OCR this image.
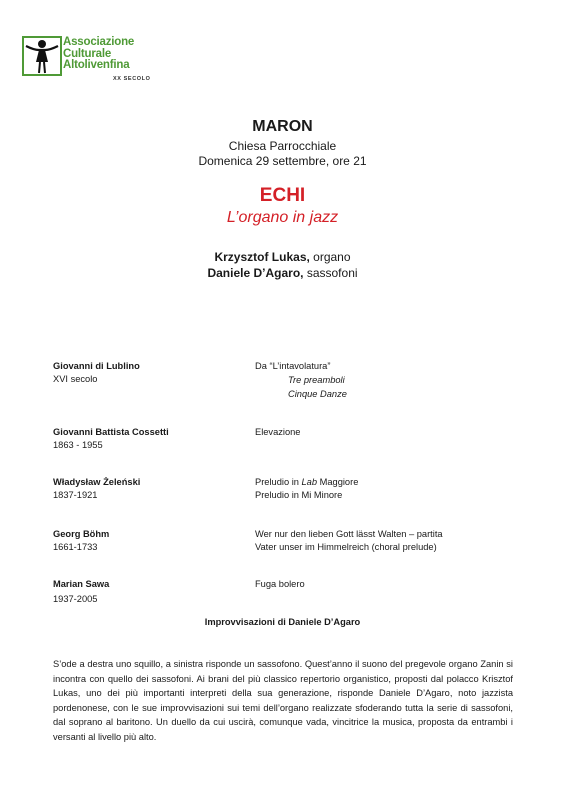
Associazione
Culturale
Altolivenfina
XX SECOLO
MARON
Chiesa Parrocchiale
Domenica 29 settembre, ore 21
ECHI
L’organo in jazz
Krzysztof Lukas, organo
Daniele D’Agaro, sassofoni
Giovanni di Lublino
XVI secolo
Da “L’intavolatura”
Tre preamboli
Cinque Danze
Giovanni Battista Cossetti
1863 - 1955
Elevazione
Władysław Żeleński
1837-1921
Preludio in Lab Maggiore
Preludio in Mi Minore
Georg Böhm
1661-1733
Wer nur den lieben Gott lässt Walten – partita
Vater unser im Himmelreich (choral prelude)
Marian Sawa
1937-2005
Fuga bolero
Improvvisazioni di Daniele D’Agaro

S’ode a destra uno squillo, a sinistra risponde un sassofono. Quest’anno il suono del pregevole organo Zanin si incontra con quello dei sassofoni. Ai brani del più classico repertorio organistico, proposti dal polacco Krisztof Lukas, uno dei più importanti interpreti della sua generazione, risponde Daniele D’Agaro, noto jazzista pordenonese, con le sue improvvisazioni sui temi dell’organo realizzate sfoderando tutta la serie di sassofoni, dal soprano al baritono. Un duello da cui uscirà, comunque vada, vincitrice la musica, proposta da entrambi i versanti al livello più alto.
